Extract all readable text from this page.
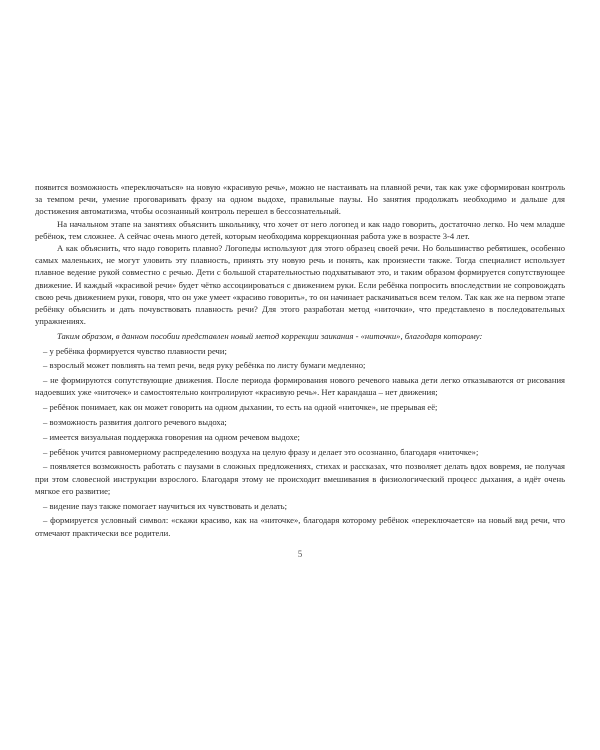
появится возможность «переключаться» на новую «красивую речь», можно не настаивать на плавной речи, так как уже сформирован контроль за темпом речи, умение проговаривать фразу на одном выдохе, правильные паузы. Но занятия продолжать необходимо и дальше для достижения автоматизма, чтобы осознанный контроль перешел в бессознательный.

На начальном этапе на занятиях объяснить школьнику, что хочет от него логопед и как надо говорить, достаточно легко. Но чем младше ребёнок, тем сложнее. А сейчас очень много детей, которым необходима коррекционная работа уже в возрасте 3-4 лет.

А как объяснить, что надо говорить плавно? Логопеды используют для этого образец своей речи. Но большинство ребятишек, особенно самых маленьких, не могут уловить эту плавность, принять эту новую речь и понять, как произнести также. Тогда специалист использует плавное ведение рукой совместно с речью. Дети с большой старательностью подхватывают это, и таким образом формируется сопутствующее движение. И каждый «красивой речи» будет чётко ассоциироваться с движением руки. Если ребёнка попросить впоследствии не сопровождать свою речь движением руки, говоря, что он уже умеет «красиво говорить», то он начинает раскачиваться всем телом. Так как же на первом этапе ребёнку объяснить и дать почувствовать плавность речи? Для этого разработан метод «ниточки», что представлено в последовательных упражнениях.

Таким образом, в данном пособии представлен новый метод коррекции заикания - «ниточки», благодаря которому:

– у ребёнка формируется чувство плавности речи;

– взрослый может повлиять на темп речи, ведя руку ребёнка по листу бумаги медленно;

– не формируются сопутствующие движения. После периода формирования нового речевого навыка дети легко отказываются от рисования надоевших уже «ниточек» и самостоятельно контролируют «красивую речь». Нет карандаша – нет движения;

– ребёнок понимает, как он может говорить на одном дыхании, то есть на одной «ниточке», не прерывая её;

– возможность развития долгого речевого выдоха;

– имеется визуальная поддержка говорения на одном речевом выдохе;

– ребёнок учится равномерному распределению воздуха на целую фразу и делает это осознанно, благодаря «ниточке»;

– появляется возможность работать с паузами в сложных предложениях, стихах и рассказах, что позволяет делать вдох вовремя, не получая при этом словесной инструкции взрослого. Благодаря этому не происходит вмешивания в физиологический процесс дыхания, а идёт очень мягкое его развитие;

– видение пауз также помогает научиться их чувствовать и делать;

– формируется условный символ: «скажи красиво, как на «ниточке», благодаря которому ребёнок «переключается» на новый вид речи, что отмечают практически все родители.

5
